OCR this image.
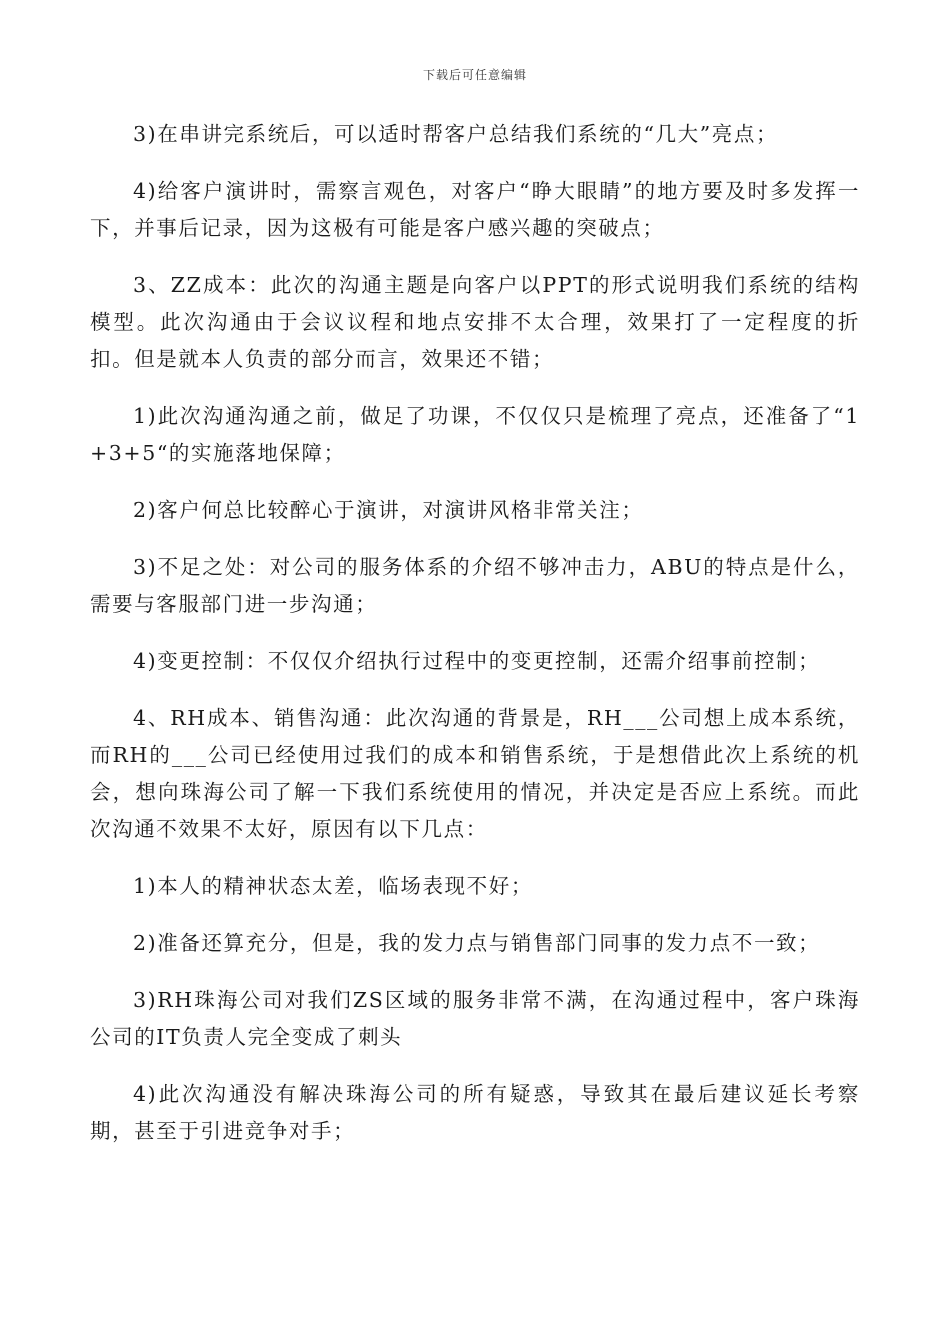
下载后可任意编辑

3)在串讲完系统后，可以适时帮客户总结我们系统的“几大”亮点；

4)给客户演讲时，需察言观色，对客户“睁大眼睛”的地方要及时多发挥一下，并事后记录，因为这极有可能是客户感兴趣的突破点；

3、ZZ成本：此次的沟通主题是向客户以PPT的形式说明我们系统的结构模型。此次沟通由于会议议程和地点安排不太合理，效果打了一定程度的折扣。但是就本人负责的部分而言，效果还不错；

1)此次沟通沟通之前，做足了功课，不仅仅只是梳理了亮点，还准备了“1+3+5“的实施落地保障；

2)客户何总比较醉心于演讲，对演讲风格非常关注；

3)不足之处：对公司的服务体系的介绍不够冲击力，ABU的特点是什么，需要与客服部门进一步沟通；

4)变更控制：不仅仅介绍执行过程中的变更控制，还需介绍事前控制；

4、RH成本、销售沟通：此次沟通的背景是，RH___公司想上成本系统，而RH的___公司已经使用过我们的成本和销售系统，于是想借此次上系统的机会，想向珠海公司了解一下我们系统使用的情况，并决定是否应上系统。而此次沟通不效果不太好，原因有以下几点：

1)本人的精神状态太差，临场表现不好；

2)准备还算充分，但是，我的发力点与销售部门同事的发力点不一致；

3)RH珠海公司对我们ZS区域的服务非常不满，在沟通过程中，客户珠海公司的IT负责人完全变成了刺头

4)此次沟通没有解决珠海公司的所有疑惑，导致其在最后建议延长考察期，甚至于引进竞争对手；
